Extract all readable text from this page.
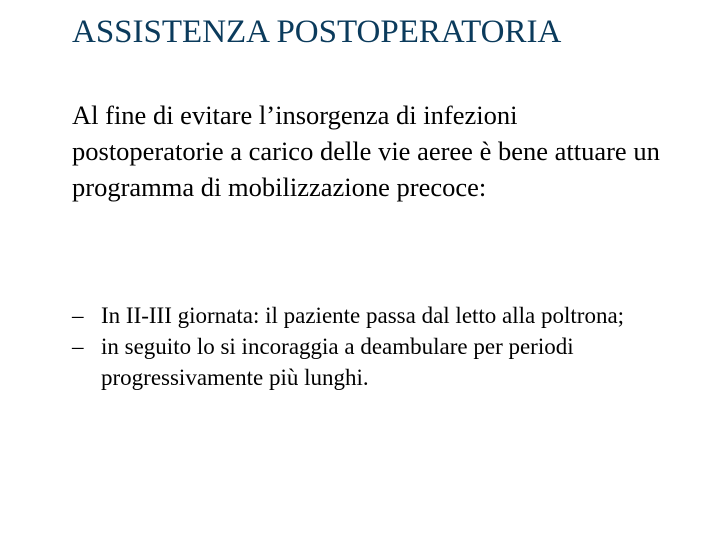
ASSISTENZA POSTOPERATORIA

Al fine di evitare l’insorgenza di infezioni postoperatorie a carico delle vie aeree è bene attuare un programma di mobilizzazione precoce:

– In II-III giornata: il paziente passa dal letto alla poltrona;
– in seguito lo si incoraggia a deambulare per periodi progressivamente più lunghi.
